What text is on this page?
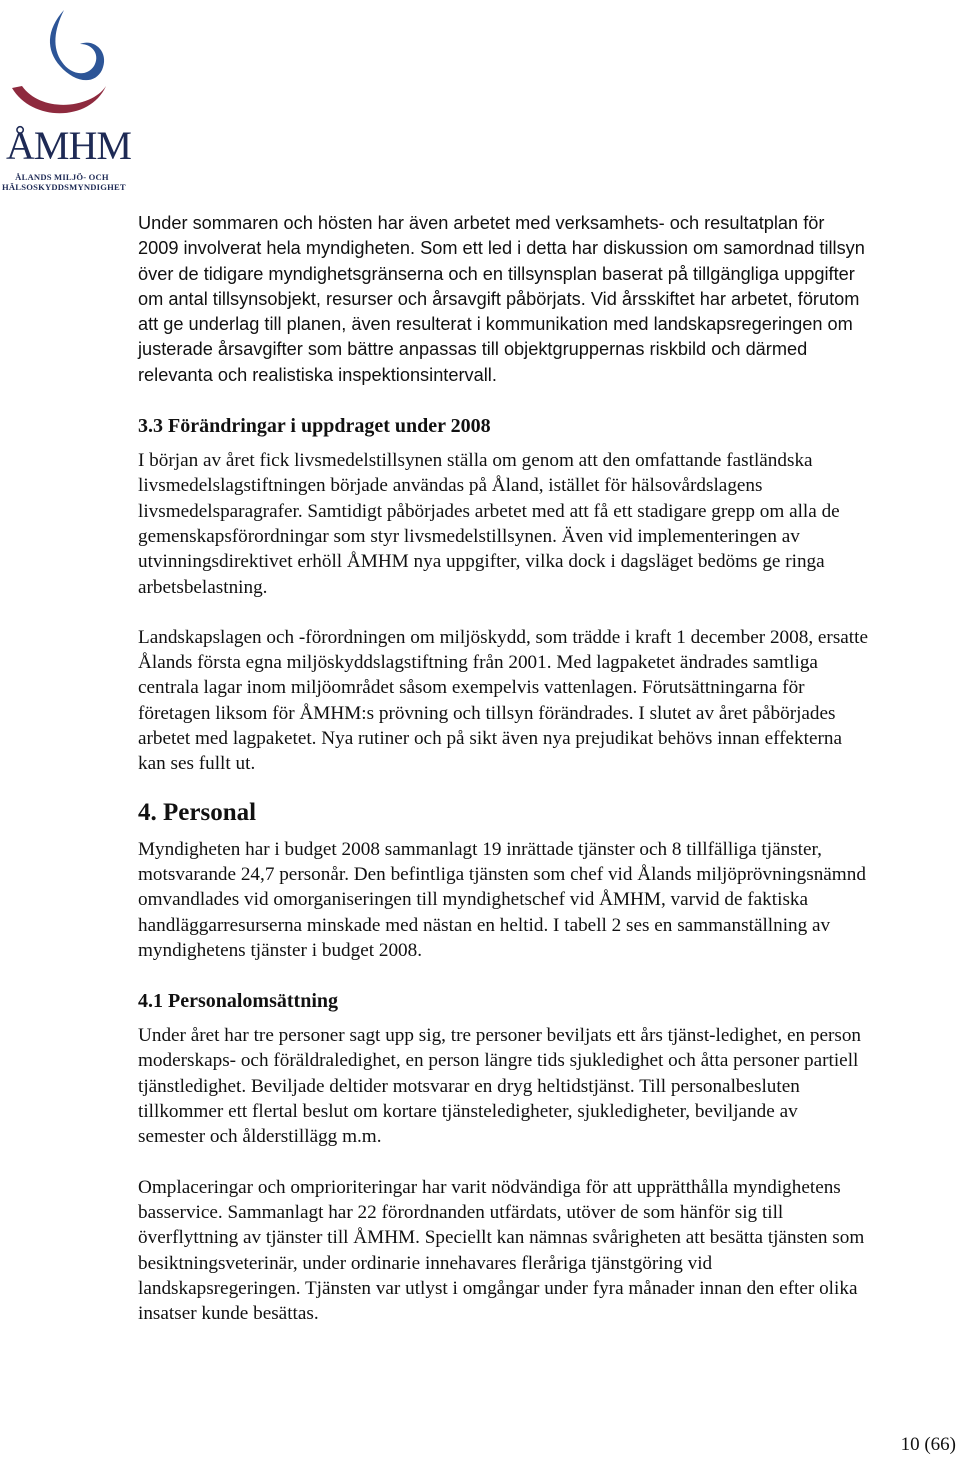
ÅMHM
ÅLANDS MILJÖ- OCH
HÄLSOSKYDDSMYNDIGHET

Under sommaren och hösten har även arbetet med verksamhets- och resultatplan för 2009 involverat hela myndigheten. Som ett led i detta har diskussion om samordnad tillsyn över de tidigare myndighetsgränserna och en tillsynsplan baserat på tillgängliga uppgifter om antal tillsynsobjekt, resurser och årsavgift påbörjats. Vid årsskiftet har arbetet, förutom att ge underlag till planen, även resulterat i kommunikation med landskapsregeringen om justerade årsavgifter som bättre anpassas till objektgruppernas riskbild och därmed relevanta och realistiska inspektionsintervall.

3.3 Förändringar i uppdraget under 2008

I början av året fick livsmedelstillsynen ställa om genom att den omfattande fastländska livsmedelslagstiftningen började användas på Åland, istället för hälsovårdslagens livsmedelsparagrafer. Samtidigt påbörjades arbetet med att få ett stadigare grepp om alla de gemenskapsförordningar som styr livsmedelstillsynen. Även vid implementeringen av utvinningsdirektivet erhöll ÅMHM nya uppgifter, vilka dock i dagsläget bedöms ge ringa arbetsbelastning.

Landskapslagen och -förordningen om miljöskydd, som trädde i kraft 1 december 2008, ersatte Ålands första egna miljöskyddslagstiftning från 2001. Med lagpaketet ändrades samtliga centrala lagar inom miljöområdet såsom exempelvis vattenlagen. Förutsättningarna för företagen liksom för ÅMHM:s prövning och tillsyn förändrades. I slutet av året påbörjades arbetet med lagpaketet. Nya rutiner och på sikt även nya prejudikat behövs innan effekterna kan ses fullt ut.

4. Personal

Myndigheten har i budget 2008 sammanlagt 19 inrättade tjänster och 8 tillfälliga tjänster, motsvarande 24,7 personår. Den befintliga tjänsten som chef vid Ålands miljöprövningsnämnd omvandlades vid omorganiseringen till myndighetschef vid ÅMHM, varvid de faktiska handläggarresurserna minskade med nästan en heltid. I tabell 2 ses en sammanställning av myndighetens tjänster i budget 2008.

4.1 Personalomsättning

Under året har tre personer sagt upp sig, tre personer beviljats ett års tjänst-ledighet, en person moderskaps- och föräldraledighet, en person längre tids sjukledighet och åtta personer partiell tjänstledighet. Beviljade deltider motsvarar en dryg heltidstjänst. Till personalbesluten tillkommer ett flertal beslut om kortare tjänsteledigheter, sjukledigheter, beviljande av semester och ålderstillägg m.m.

Omplaceringar och omprioriteringar har varit nödvändiga för att upprätthålla myndighetens basservice. Sammanlagt har 22 förordnanden utfärdats, utöver de som hänför sig till överflyttning av tjänster till ÅMHM. Speciellt kan nämnas svårigheten att besätta tjänsten som besiktningsveterinär, under ordinarie innehavares fleråriga tjänstgöring vid landskapsregeringen. Tjänsten var utlyst i omgångar under fyra månader innan den efter olika insatser kunde besättas.

10 (66)
